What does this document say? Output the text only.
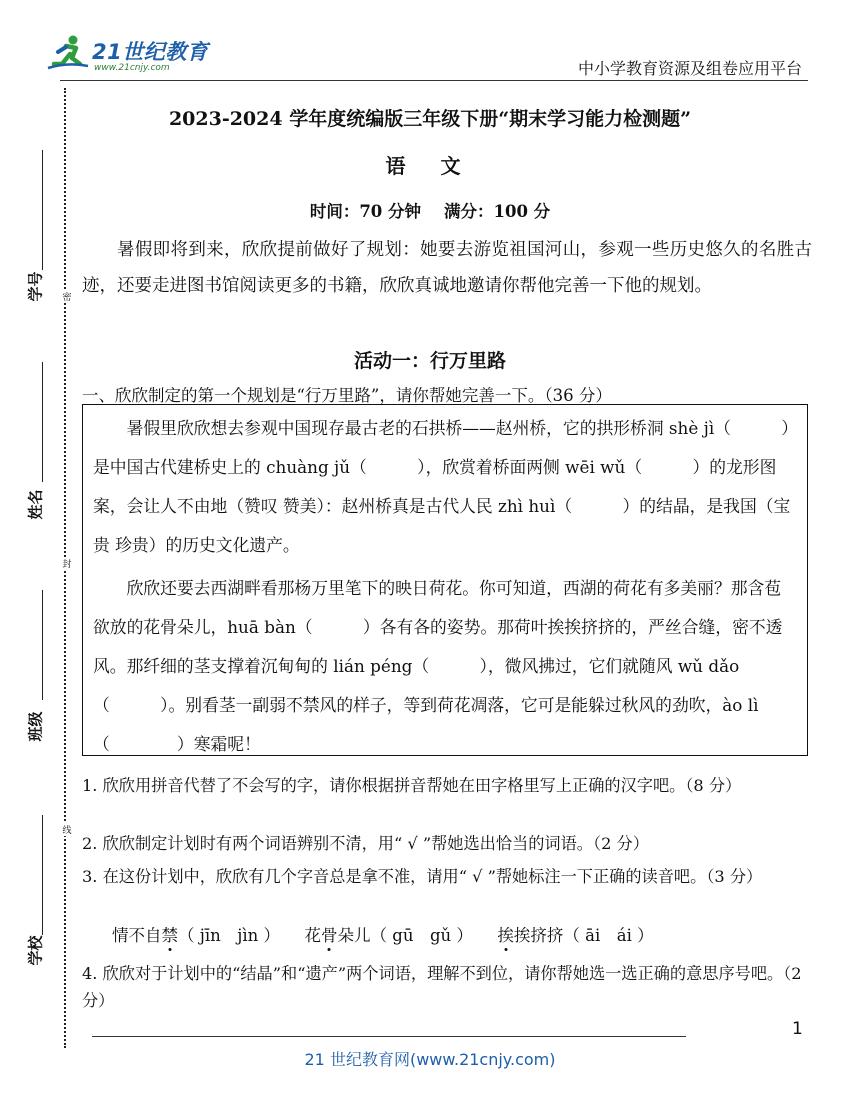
21世纪教育
www.21cnjy.com	中小学教育资源及组卷应用平台
密
封
线
学号
姓名
班级
学校
2023-2024 学年度统编版三年级下册“期末学习能力检测题”
语 文
时间：70 分钟    满分：100 分
暑假即将到来，欣欣提前做好了规划：她要去游览祖国河山，参观一些历史悠久的名胜古迹，还要走进图书馆阅读更多的书籍，欣欣真诚地邀请你帮他完善一下他的规划。
活动一：行万里路
一、欣欣制定的第一个规划是“行万里路”，请你帮她完善一下。（36 分）
暑假里欣欣想去参观中国现存最古老的石拱桥——赵州桥，它的拱形桥洞 shè jì（　　　）是中国古代建桥史上的 chuàng jǔ（　　　），欣赏着桥面两侧 wēi wǔ（　　　）的龙形图案，会让人不由地（赞叹 赞美）：赵州桥真是古代人民 zhì huì（　　　）的结晶，是我国（宝贵 珍贵）的历史文化遗产。
欣欣还要去西湖畔看那杨万里笔下的映日荷花。你可知道，西湖的荷花有多美丽？那含苞欲放的花骨朵儿，huā bàn（　　　）各有各的姿势。那荷叶挨挨挤挤的，严丝合缝，密不透风。那纤细的茎支撑着沉甸甸的 lián péng（　　　），微风拂过，它们就随风 wǔ dǎo（　　　）。别看茎一副弱不禁风的样子，等到荷花凋落，它可是能躲过秋风的劲吹，ào lì（　　　　）寒霜呢！
1. 欣欣用拼音代替了不会写的字，请你根据拼音帮她在田字格里写上正确的汉字吧。（8 分）
2. 欣欣制定计划时有两个词语辨别不清，用“ √ ”帮她选出恰当的词语。（2 分）
3. 在这份计划中，欣欣有几个字音总是拿不准，请用“ √ ”帮她标注一下正确的读音吧。（3 分）
情不自禁（ jīn　jìn ） 花骨朵儿（ gū　gǔ ） 挨挨挤挤（ āi　ái ）
4. 欣欣对于计划中的“结晶”和“遗产”两个词语，理解不到位，请你帮她选一选正确的意思序号吧。（2 分）
1
21 世纪教育网(www.21cnjy.com)
